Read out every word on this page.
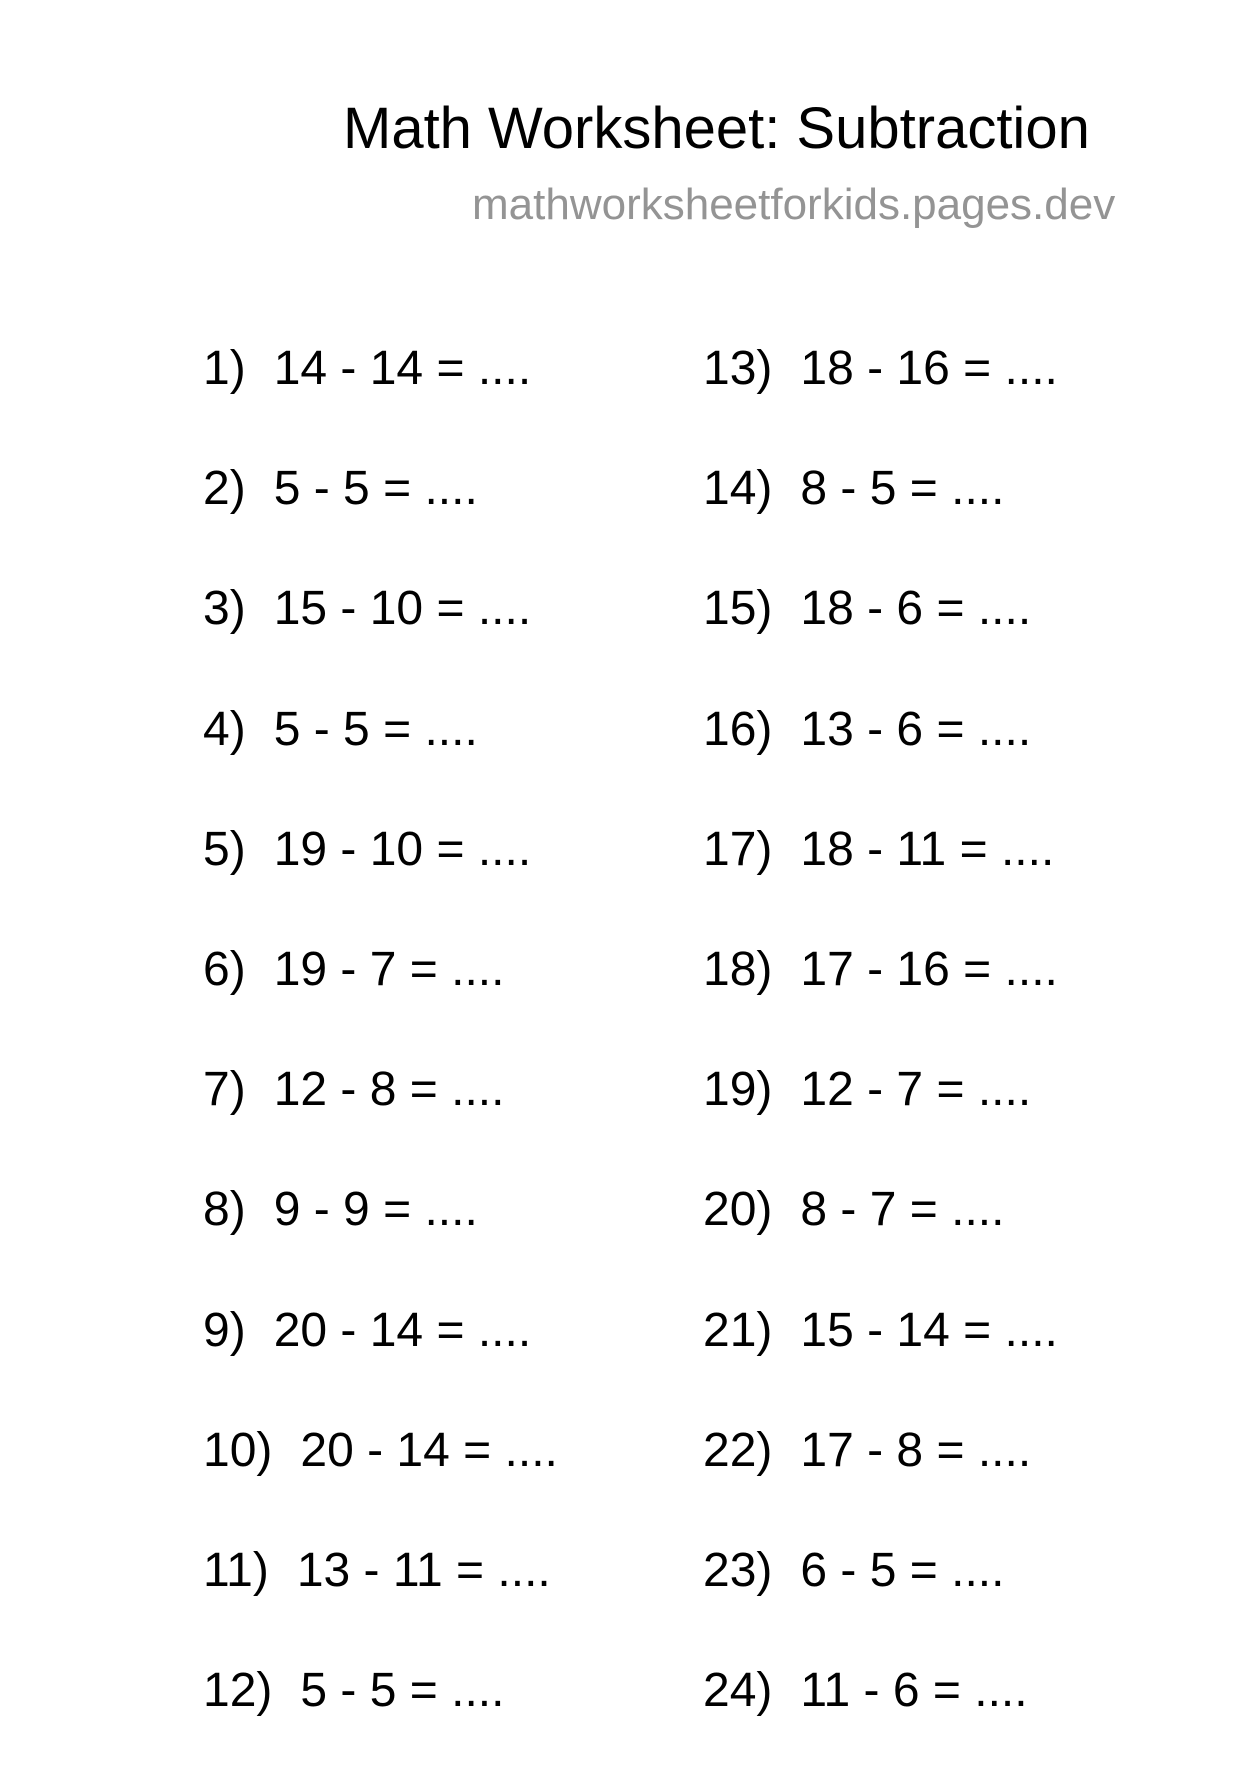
Math Worksheet: Subtraction
mathworksheetforkids.pages.dev
1) 14 - 14 = ....
2) 5 - 5 = ....
3) 15 - 10 = ....
4) 5 - 5 = ....
5) 19 - 10 = ....
6) 19 - 7 = ....
7) 12 - 8 = ....
8) 9 - 9 = ....
9) 20 - 14 = ....
10) 20 - 14 = ....
11) 13 - 11 = ....
12) 5 - 5 = ....
13) 18 - 16 = ....
14) 8 - 5 = ....
15) 18 - 6 = ....
16) 13 - 6 = ....
17) 18 - 11 = ....
18) 17 - 16 = ....
19) 12 - 7 = ....
20) 8 - 7 = ....
21) 15 - 14 = ....
22) 17 - 8 = ....
23) 6 - 5 = ....
24) 11 - 6 = ....
